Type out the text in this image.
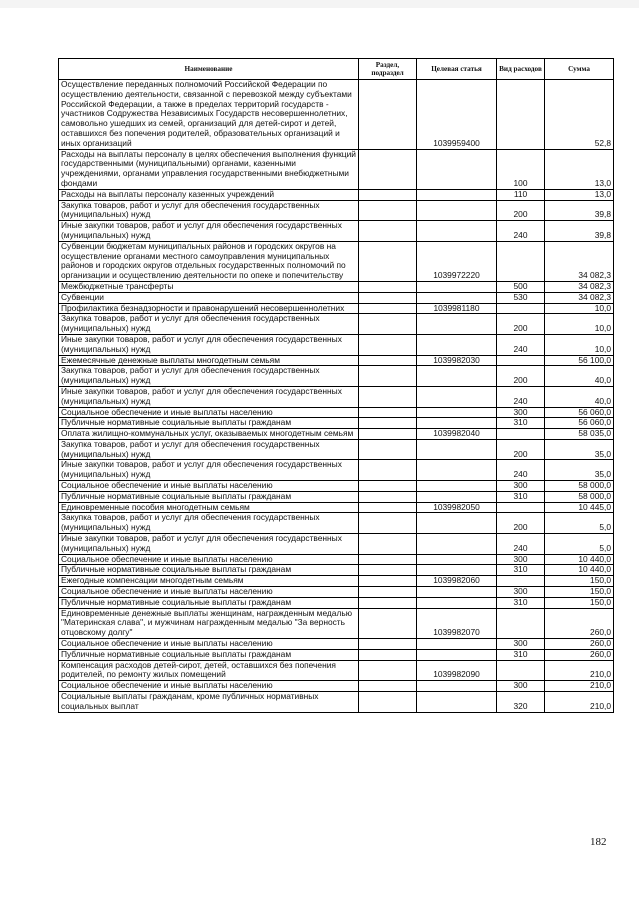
Наименование	Раздел, подраздел	Целевая статья	Вид расходов	Сумма
Осуществление переданных полномочий Российской Федерации по осуществлению деятельности, связанной с перевозкой между субъектами Российской Федерации, а также в пределах территорий государств - участников Содружества Независимых Государств несовершеннолетних, самовольно ушедших из семей, организаций для детей-сирот и детей, оставшихся без попечения родителей, образовательных организаций и иных организаций		1039959400		52,8
Расходы на выплаты персоналу в целях обеспечения выполнения функций государственными (муниципальными) органами, казенными учреждениями, органами управления государственными внебюджетными фондами			100	13,0
Расходы на выплаты персоналу казенных учреждений			110	13,0
Закупка товаров, работ и услуг для обеспечения государственных (муниципальных) нужд			200	39,8
Иные закупки товаров, работ и услуг для обеспечения государственных (муниципальных) нужд			240	39,8
Субвенции бюджетам муниципальных районов и городских округов на осуществление органами местного самоуправления муниципальных районов и городских округов отдельных государственных полномочий по организации и осуществлению деятельности по опеке и попечительству		1039972220		34 082,3
Межбюджетные трансферты			500	34 082,3
Субвенции			530	34 082,3
Профилактика безнадзорности и правонарушений несовершеннолетних		1039981180		10,0
Закупка товаров, работ и услуг для обеспечения государственных (муниципальных) нужд			200	10,0
Иные закупки товаров, работ и услуг для обеспечения государственных (муниципальных) нужд			240	10,0
Ежемесячные денежные выплаты многодетным семьям		1039982030		56 100,0
Закупка товаров, работ и услуг для обеспечения государственных (муниципальных) нужд			200	40,0
Иные закупки товаров, работ и услуг для обеспечения государственных (муниципальных) нужд			240	40,0
Социальное обеспечение и иные выплаты населению			300	56 060,0
Публичные нормативные социальные выплаты гражданам			310	56 060,0
Оплата жилищно-коммунальных услуг, оказываемых многодетным семьям		1039982040		58 035,0
Закупка товаров, работ и услуг для обеспечения государственных (муниципальных) нужд			200	35,0
Иные закупки товаров, работ и услуг для обеспечения государственных (муниципальных) нужд			240	35,0
Социальное обеспечение и иные выплаты населению			300	58 000,0
Публичные нормативные социальные выплаты гражданам			310	58 000,0
Единовременные пособия многодетным семьям		1039982050		10 445,0
Закупка товаров, работ и услуг для обеспечения государственных (муниципальных) нужд			200	5,0
Иные закупки товаров, работ и услуг для обеспечения государственных (муниципальных) нужд			240	5,0
Социальное обеспечение и иные выплаты населению			300	10 440,0
Публичные нормативные социальные выплаты гражданам			310	10 440,0
Ежегодные компенсации многодетным семьям		1039982060		150,0
Социальное обеспечение и иные выплаты населению			300	150,0
Публичные нормативные социальные выплаты гражданам			310	150,0
Единовременные денежные выплаты женщинам, награжденным медалью "Материнская слава", и мужчинам награжденным медалью "За верность отцовскому долгу"		1039982070		260,0
Социальное обеспечение и иные выплаты населению			300	260,0
Публичные нормативные социальные выплаты гражданам			310	260,0
Компенсация расходов детей-сирот, детей, оставшихся без попечения родителей, по ремонту жилых помещений		1039982090		210,0
Социальное обеспечение и иные выплаты населению			300	210,0
Социальные выплаты гражданам, кроме публичных нормативных социальных выплат			320	210,0
182
